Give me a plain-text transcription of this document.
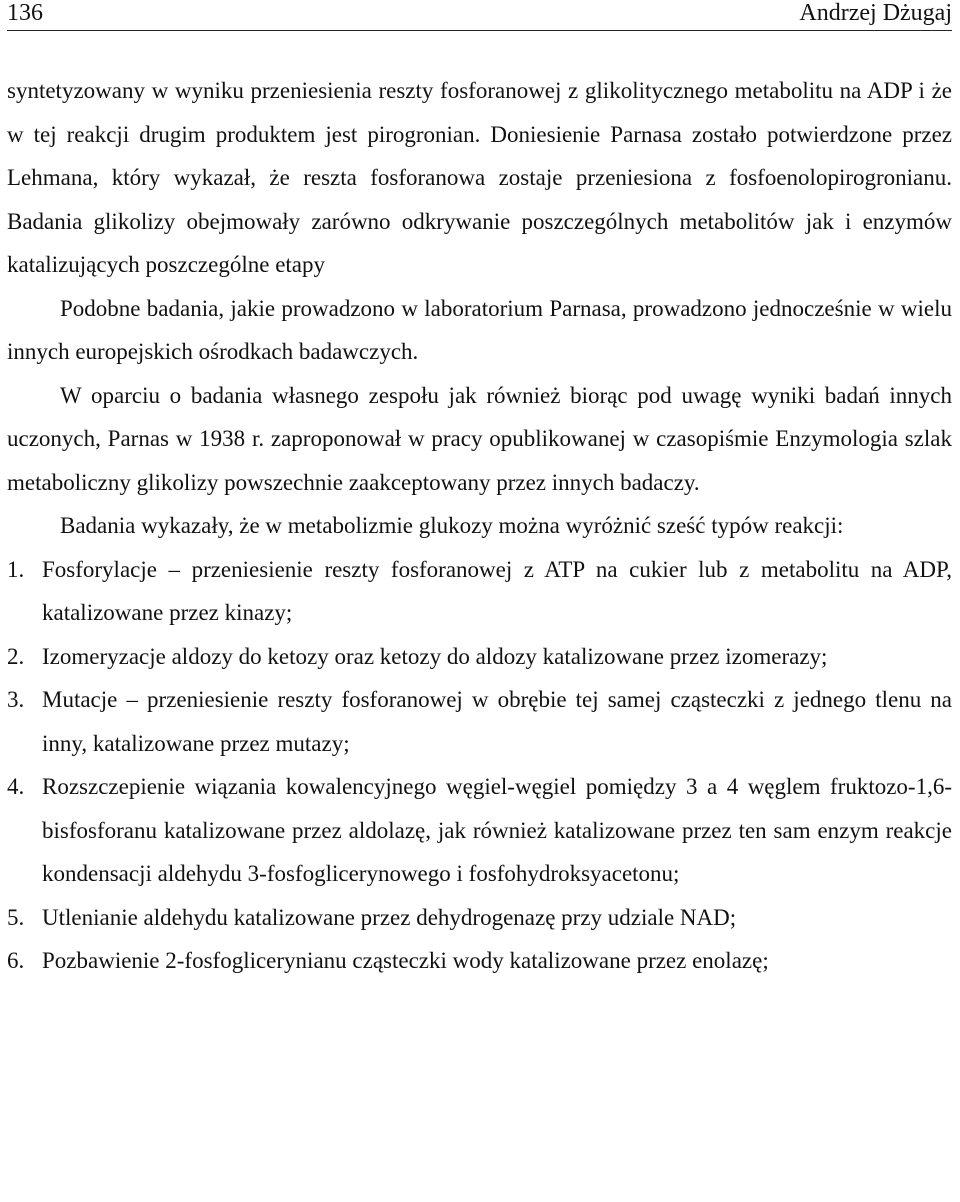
136	Andrzej Dżugaj

syntetyzowany w wyniku przeniesienia reszty fosforanowej z glikolitycznego metabolitu na ADP i że w tej reakcji drugim produktem jest pirogronian. Doniesienie Parnasa zostało potwierdzone przez Lehmana, który wykazał, że reszta fosforanowa zostaje przeniesiona z fosfoenolopirogronianu. Badania glikolizy obejmowały zarówno odkrywanie poszczególnych metabolitów jak i enzymów katalizujących poszczególne etapy

Podobne badania, jakie prowadzono w laboratorium Parnasa, prowadzono jednocześnie w wielu innych europejskich ośrodkach badawczych.

W oparciu o badania własnego zespołu jak również biorąc pod uwagę wyniki badań innych uczonych, Parnas w 1938 r. zaproponował w pracy opublikowanej w czasopiśmie Enzymologia szlak metaboliczny glikolizy powszechnie zaakceptowany przez innych badaczy.

Badania wykazały, że w metabolizmie glukozy można wyróżnić sześć typów reakcji:

1. Fosforylacje – przeniesienie reszty fosforanowej z ATP na cukier lub z metabolitu na ADP, katalizowane przez kinazy;
2. Izomeryzacje aldozy do ketozy oraz ketozy do aldozy katalizowane przez izomerazy;
3. Mutacje – przeniesienie reszty fosforanowej w obrębie tej samej cząsteczki z jednego tlenu na inny, katalizowane przez mutazy;
4. Rozszczepienie wiązania kowalencyjnego węgiel-węgiel pomiędzy 3 a 4 węglem fruktozo-1,6-bisfosforanu katalizowane przez aldolazę, jak również katalizowane przez ten sam enzym reakcje kondensacji aldehydu 3-fosfoglicerynowego i fosfohydroksyacetonu;
5. Utlenianie aldehydu katalizowane przez dehydrogenazę przy udziale NAD;
6. Pozbawienie 2-fosfoglicerynianu cząsteczki wody katalizowane przez enolazę;
